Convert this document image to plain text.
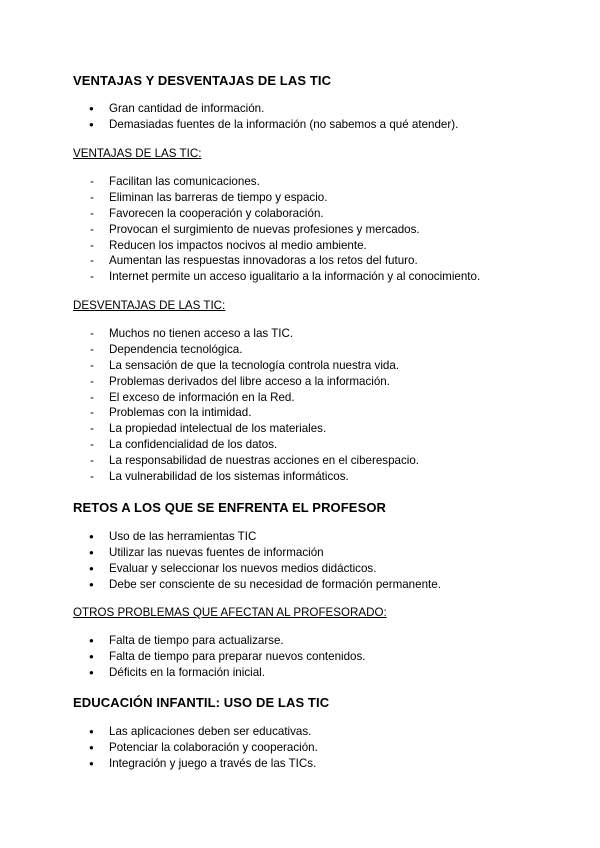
VENTAJAS Y DESVENTAJAS DE LAS TIC
● Gran cantidad de información.
● Demasiadas fuentes de la información (no sabemos a qué atender).
VENTAJAS DE LAS TIC:
- Facilitan las comunicaciones.
- Eliminan las barreras de tiempo y espacio.
- Favorecen la cooperación y colaboración.
- Provocan el surgimiento de nuevas profesiones y mercados.
- Reducen los impactos nocivos al medio ambiente.
- Aumentan las respuestas innovadoras a los retos del futuro.
- Internet permite un acceso igualitario a la información y al conocimiento.
DESVENTAJAS DE LAS TIC:
- Muchos no tienen acceso a las TIC.
- Dependencia tecnológica.
- La sensación de que la tecnología controla nuestra vida.
- Problemas derivados del libre acceso a la información.
- El exceso de información en la Red.
- Problemas con la intimidad.
- La propiedad intelectual de los materiales.
- La confidencialidad de los datos.
- La responsabilidad de nuestras acciones en el ciberespacio.
- La vulnerabilidad de los sistemas informáticos.
RETOS A LOS QUE SE ENFRENTA EL PROFESOR
● Uso de las herramientas TIC
● Utilizar las nuevas fuentes de información
● Evaluar y seleccionar los nuevos medios didácticos.
● Debe ser consciente de su necesidad de formación permanente.
OTROS PROBLEMAS QUE AFECTAN AL PROFESORADO:
● Falta de tiempo para actualizarse.
● Falta de tiempo para preparar nuevos contenidos.
● Déficits en la formación inicial.
EDUCACIÓN INFANTIL: USO DE LAS TIC
● Las aplicaciones deben ser educativas.
● Potenciar la colaboración y cooperación.
● Integración y juego a través de las TICs.
